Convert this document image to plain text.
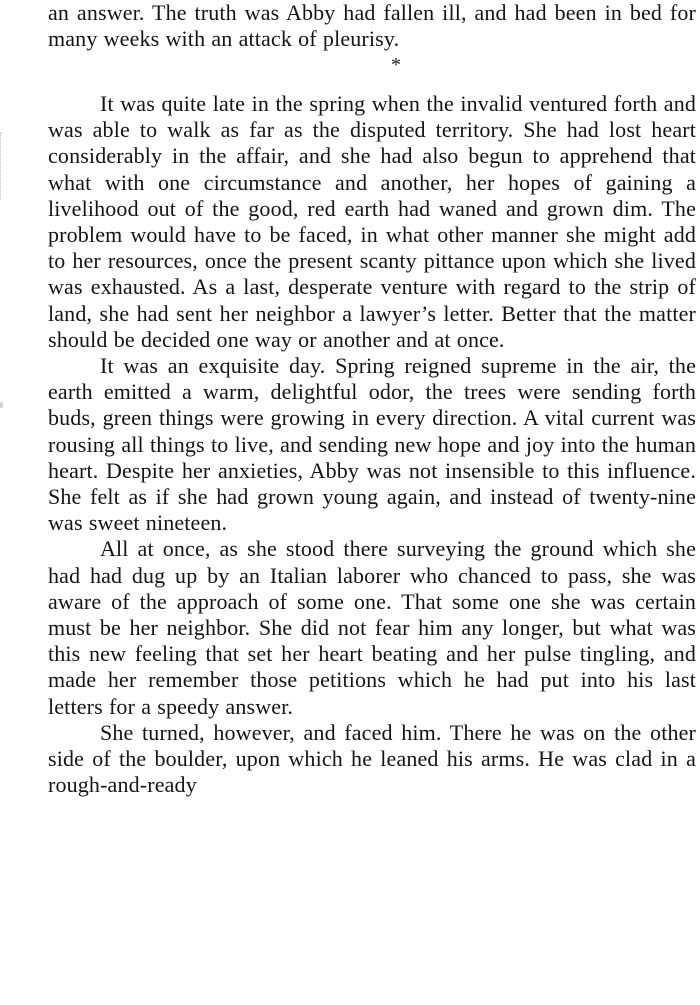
an answer. The truth was Abby had fallen ill, and had been in bed for many weeks with an attack of pleurisy.

*

It was quite late in the spring when the invalid ventured forth and was able to walk as far as the disputed territory. She had lost heart considerably in the affair, and she had also begun to apprehend that what with one circumstance and another, her hopes of gaining a livelihood out of the good, red earth had waned and grown dim. The problem would have to be faced, in what other manner she might add to her resources, once the present scanty pittance upon which she lived was exhausted. As a last, desperate venture with regard to the strip of land, she had sent her neighbor a lawyer’s letter. Better that the matter should be decided one way or another and at once.

It was an exquisite day. Spring reigned supreme in the air, the earth emitted a warm, delightful odor, the trees were sending forth buds, green things were growing in every direction. A vital current was rousing all things to live, and sending new hope and joy into the human heart. Despite her anxieties, Abby was not insensible to this influence. She felt as if she had grown young again, and instead of twenty-nine was sweet nineteen.

All at once, as she stood there surveying the ground which she had had dug up by an Italian laborer who chanced to pass, she was aware of the approach of some one. That some one she was certain must be her neighbor. She did not fear him any longer, but what was this new feeling that set her heart beating and her pulse tingling, and made her remember those petitions which he had put into his last letters for a speedy answer.

She turned, however, and faced him. There he was on the other side of the boulder, upon which he leaned his arms. He was clad in a rough-and-ready
